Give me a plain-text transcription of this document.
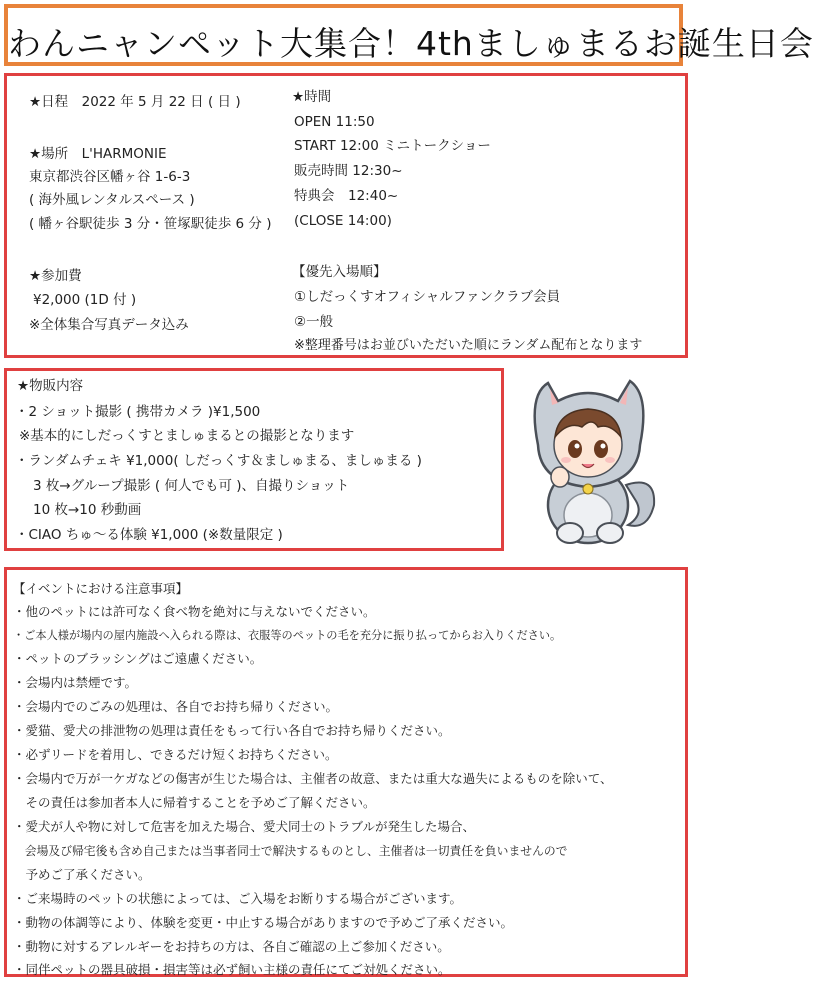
わんニャンペット大集合！4thましゅまるお誕生日会
★日程　2022 年 5 月 22 日 ( 日 )
★場所　L'HARMONIE
東京都渋谷区幡ヶ谷 1-6-3
( 海外風レンタルスペース )
( 幡ヶ谷駅徒歩 3 分・笹塚駅徒歩 6 分 )
★参加費
¥2,000 (1D 付 )
※全体集合写真データ込み
★時間
OPEN 11:50
START 12:00 ミニトークショー
販売時間 12:30~
特典会　12:40~
(CLOSE 14:00)
【優先入場順】
①しだっくすオフィシャルファンクラブ会員
②一般
※整理番号はお並びいただいた順にランダム配布となります
★物販内容
・2 ショット撮影 ( 携帯カメラ )¥1,500
※基本的にしだっくすとましゅまるとの撮影となります
・ランダムチェキ ¥1,000( しだっくす＆ましゅまる、ましゅまる )
3 枚→グループ撮影 ( 何人でも可 )、自撮りショット
10 枚→10 秒動画
・CIAO ちゅ～る体験 ¥1,000 (※数量限定 )
【イベントにおける注意事項】
・他のペットには許可なく食べ物を絶対に与えないでください。
・ご本人様が場内の屋内施設へ入られる際は、衣服等のペットの毛を充分に振り払ってからお入りください。
・ペットのブラッシングはご遠慮ください。
・会場内は禁煙です。
・会場内でのごみの処理は、各自でお持ち帰りください。
・愛猫、愛犬の排泄物の処理は責任をもって行い各自でお持ち帰りください。
・必ずリードを着用し、できるだけ短くお持ちください。
・会場内で万が一ケガなどの傷害が生じた場合は、主催者の故意、または重大な過失によるものを除いて、
　その責任は参加者本人に帰着することを予めご了解ください。
・愛犬が人や物に対して危害を加えた場合、愛犬同士のトラブルが発生した場合、
　会場及び帰宅後も含め自己または当事者同士で解決するものとし、主催者は一切責任を負いませんので
　予めご了承ください。
・ご来場時のペットの状態によっては、ご入場をお断りする場合がございます。
・動物の体調等により、体験を変更・中止する場合がありますので予めご了承ください。
・動物に対するアレルギーをお持ちの方は、各自ご確認の上ご参加ください。
・同伴ペットの器具破損・損害等は必ず飼い主様の責任にてご対処ください。
